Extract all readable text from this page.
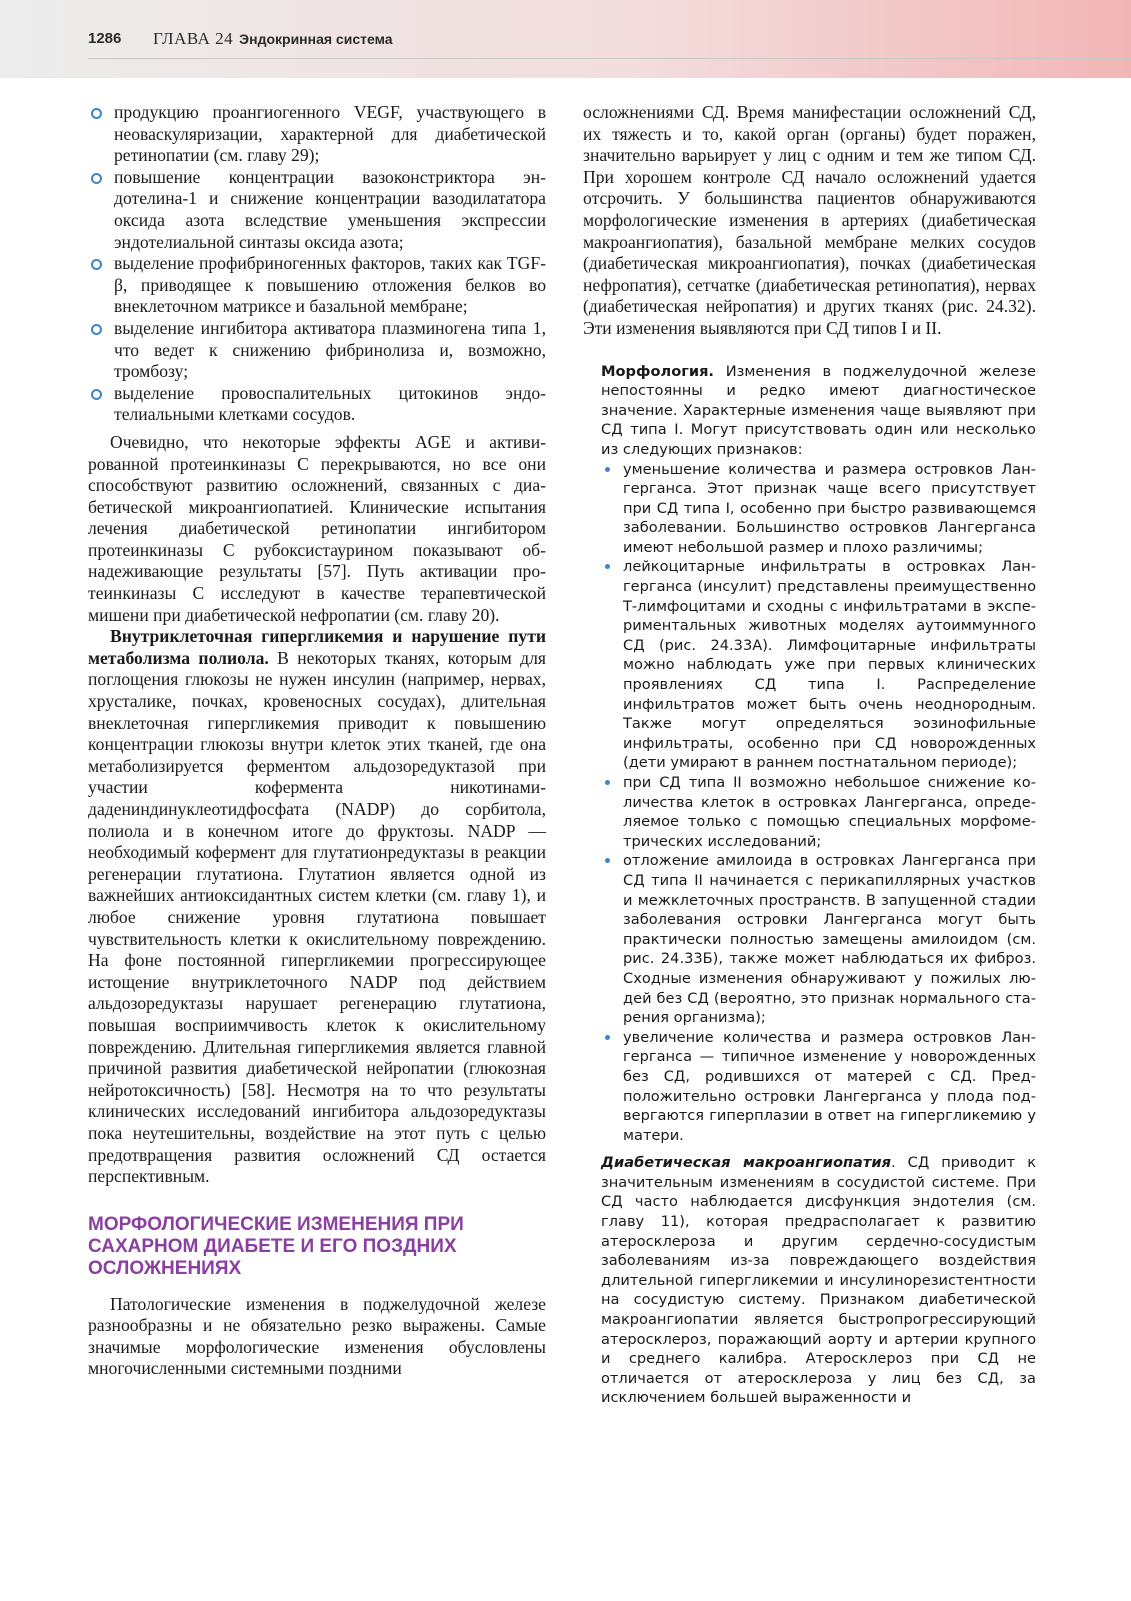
1286 ГЛАВА 24 Эндокринная система
продукцию проангиогенного VEGF, участвующего в неоваскуляризации, характерной для диабетической ретинопатии (см. главу 29);
повышение концентрации вазоконстриктора эндотелина-1 и снижение концентрации вазодилататора оксида азота вследствие уменьшения экспрессии эндотелиальной синтазы оксида азота;
выделение профибриногенных факторов, таких как TGF-β, приводящее к повышению отложения белков во внеклеточном матриксе и базальной мембране;
выделение ингибитора активатора плазминогена типа 1, что ведет к снижению фибринолиза и, возможно, тромбозу;
выделение провоспалительных цитокинов эндотелиальными клетками сосудов.

Очевидно, что некоторые эффекты AGE и активированной протеинкиназы С перекрываются, но все они способствуют развитию осложнений, связанных с диабетической микроангиопатией. Клинические испытания лечения диабетической ретинопатии ингибитором протеинкиназы С рубоксистаурином показывают обнадеживающие результаты [57]. Путь активации протеинкиназы С исследуют в качестве терапевтической мишени при диабетической нефропатии (см. главу 20).

Внутриклеточная гипергликемия и нарушение пути метаболизма полиола. В некоторых тканях, которым для поглощения глюкозы не нужен инсулин (например, нервах, хрусталике, почках, кровеносных сосудах), длительная внеклеточная гипергликемия приводит к повышению концентрации глюкозы внутри клеток этих тканей, где она метаболизируется ферментом альдозоредуктазой при участии кофермента никотинамидадениндинуклеотидфосфата (NADP) до сорбитола, полиола и в конечном итоге до фруктозы. NADP — необходимый кофермент для глутатионредуктазы в реакции регенерации глутатиона. Глутатион является одной из важнейших антиоксидантных систем клетки (см. главу 1), и любое снижение уровня глутатиона повышает чувствительность клетки к окислительному повреждению. На фоне постоянной гипергликемии прогрессирующее истощение внутриклеточного NADP под действием альдозоредуктазы нарушает регенерацию глутатиона, повышая восприимчивость клеток к окислительному повреждению. Длительная гипергликемия является главной причиной развития диабетической нейропатии (глюкозная нейротоксичность) [58]. Несмотря на то что результаты клинических исследований ингибитора альдозоредуктазы пока неутешительны, воздействие на этот путь с целью предотвращения развития осложнений СД остается перспективным.

МОРФОЛОГИЧЕСКИЕ ИЗМЕНЕНИЯ ПРИ САХАРНОМ ДИАБЕТЕ И ЕГО ПОЗДНИХ ОСЛОЖНЕНИЯХ

Патологические изменения в поджелудочной железе разнообразны и не обязательно резко выражены. Самые значимые морфологические изменения обусловлены многочисленными системными поздними

осложнениями СД. Время манифестации осложнений СД, их тяжесть и то, какой орган (органы) будет поражен, значительно варьирует у лиц с одним и тем же типом СД. При хорошем контроле СД начало осложнений удается отсрочить. У большинства пациентов обнаруживаются морфологические изменения в артериях (диабетическая макроангиопатия), базальной мембране мелких сосудов (диабетическая микроангиопатия), почках (диабетическая нефропатия), сетчатке (диабетическая ретинопатия), нервах (диабетическая нейропатия) и других тканях (рис. 24.32). Эти изменения выявляются при СД типов I и II.

Морфология. Изменения в поджелудочной железе непостоянны и редко имеют диагностическое значение. Характерные изменения чаще выявляют при СД типа I. Могут присутствовать один или несколько из следующих признаков:

уменьшение количества и размера островков Лангерганса. Этот признак чаще всего присутствует при СД типа I, особенно при быстро развивающемся заболевании. Большинство островков Лангерганса имеют небольшой размер и плохо различимы;
лейкоцитарные инфильтраты в островках Лангерганса (инсулит) представлены преимущественно Т-лимфоцитами и сходны с инфильтратами в экспериментальных животных моделях аутоиммунного СД (рис. 24.33А). Лимфоцитарные инфильтраты можно наблюдать уже при первых клинических проявлениях СД типа I. Распределение инфильтратов может быть очень неоднородным. Также могут определяться эозинофильные инфильтраты, особенно при СД новорожденных (дети умирают в раннем постнатальном периоде);
при СД типа II возможно небольшое снижение количества клеток в островках Лангерганса, определяемое только с помощью специальных морфометрических исследований;
отложение амилоида в островках Лангерганса при СД типа II начинается с перикапиллярных участков и межклеточных пространств. В запущенной стадии заболевания островки Лангерганса могут быть практически полностью замещены амилоидом (см. рис. 24.33Б), также может наблюдаться их фиброз. Сходные изменения обнаруживают у пожилых людей без СД (вероятно, это признак нормального старения организма);
увеличение количества и размера островков Лангерганса — типичное изменение у новорожденных без СД, родившихся от матерей с СД. Предположительно островки Лангерганса у плода подвергаются гиперплазии в ответ на гипергликемию у матери.

Диабетическая макроангиопатия. СД приводит к значительным изменениям в сосудистой системе. При СД часто наблюдается дисфункция эндотелия (см. главу 11), которая предрасполагает к развитию атеросклероза и другим сердечно-сосудистым заболеваниям из-за повреждающего воздействия длительной гипергликемии и инсулинорезистентности на сосудистую систему. Признаком диабетической макроангиопатии является быстропрогрессирующий атеросклероз, поражающий аорту и артерии крупного и среднего калибра. Атеросклероз при СД не отличается от атеросклероза у лиц без СД, за исключением большей выраженности и
